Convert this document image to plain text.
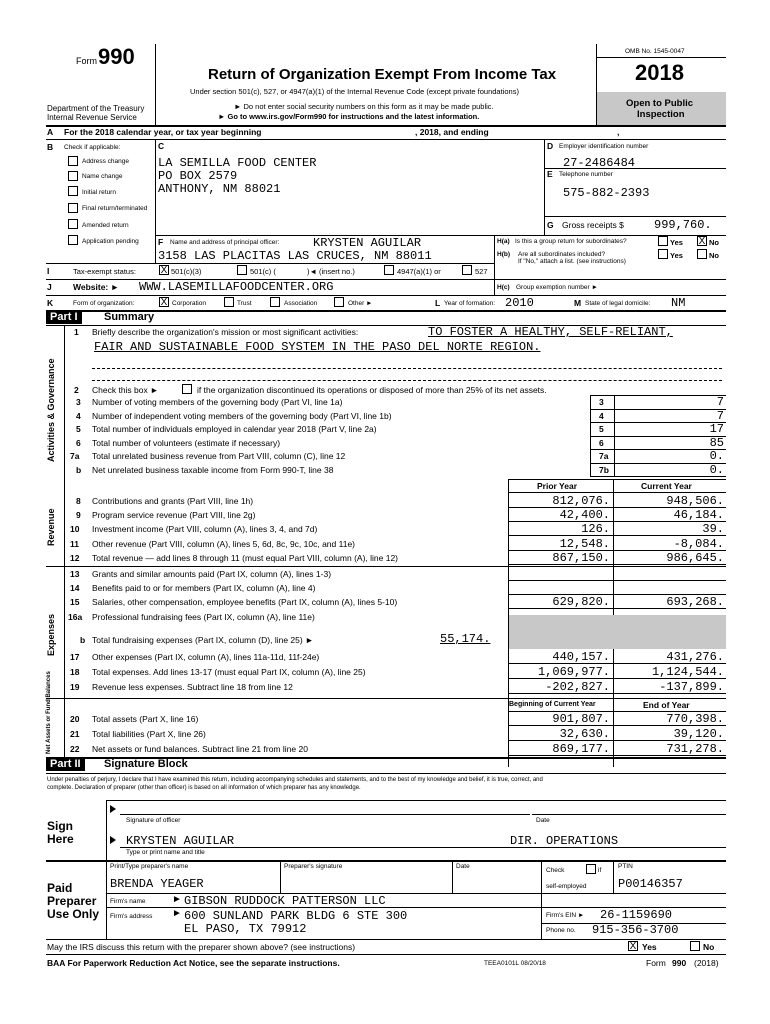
Form 990
Department of the Treasury
Internal Revenue Service
Return of Organization Exempt From Income Tax
Under section 501(c), 527, or 4947(a)(1) of the Internal Revenue Code (except private foundations)
► Do not enter social security numbers on this form as it may be made public.
► Go to www.irs.gov/Form990 for instructions and the latest information.
OMB No. 1545-0047
2018
Open to Public
Inspection
A For the 2018 calendar year, or tax year beginning	, 2018, and ending	,
B Check if applicable:
Address change
Name change
Initial return
Final return/terminated
Amended return
Application pending
C
LA SEMILLA FOOD CENTER
PO BOX 2579
ANTHONY, NM 88021
D Employer identification number
27-2486484
E Telephone number
575-882-2393
G Gross receipts $	999,760.
F Name and address of principal officer:	KRYSTEN AGUILAR
3158 LAS PLACITAS LAS CRUCES, NM 88011
H(a) Is this a group return for subordinates?	Yes X No
H(b) Are all subordinates included?
If "No," attach a list. (see instructions)
Yes	No
I	Tax-exempt status: X 501(c)(3)	501(c) (	)◄ (insert no.)	4947(a)(1) or	527
J	Website: ► WWW.LASEMILLAFOODCENTER.ORG	H(c) Group exemption number ►
K	Form of organization:	X Corporation	Trust	Association	Other ►	L Year of formation: 2010	M State of legal domicile: NM
Part I	Summary
Activities & Governance
Revenue
Expenses
Net Assets or Fund Balances
1 Briefly describe the organization's mission or most significant activities:	TO FOSTER A HEALTHY, SELF-RELIANT,
FAIR AND SUSTAINABLE FOOD SYSTEM IN THE PASO DEL NORTE REGION.
2 Check this box ►	if the organization discontinued its operations or disposed of more than 25% of its net assets.
3 Number of voting members of the governing body (Part VI, line 1a)	3	7
4 Number of independent voting members of the governing body (Part VI, line 1b)	4	7
5 Total number of individuals employed in calendar year 2018 (Part V, line 2a)	5	17
6 Total number of volunteers (estimate if necessary)	6	85
7a Total unrelated business revenue from Part VIII, column (C), line 12	7a	0.
b Net unrelated business taxable income from Form 990-T, line 38	7b	0.
Prior Year	Current Year
8 Contributions and grants (Part VIII, line 1h)	812,076.	948,506.
9 Program service revenue (Part VIII, line 2g)	42,400.	46,184.
10 Investment income (Part VIII, column (A), lines 3, 4, and 7d)	126.	39.
11 Other revenue (Part VIII, column (A), lines 5, 6d, 8c, 9c, 10c, and 11e)	12,548.	-8,084.
12 Total revenue — add lines 8 through 11 (must equal Part VIII, column (A), line 12)	867,150.	986,645.
13 Grants and similar amounts paid (Part IX, column (A), lines 1-3)
14 Benefits paid to or for members (Part IX, column (A), line 4)
15 Salaries, other compensation, employee benefits (Part IX, column (A), lines 5-10)	629,820.	693,268.
16a Professional fundraising fees (Part IX, column (A), line 11e)
b Total fundraising expenses (Part IX, column (D), line 25) ►	55,174.
17 Other expenses (Part IX, column (A), lines 11a-11d, 11f-24e)	440,157.	431,276.
18 Total expenses. Add lines 13-17 (must equal Part IX, column (A), line 25)	1,069,977.	1,124,544.
19 Revenue less expenses. Subtract line 18 from line 12	-202,827.	-137,899.
Beginning of Current Year	End of Year
20 Total assets (Part X, line 16)	901,807.	770,398.
21 Total liabilities (Part X, line 26)	32,630.	39,120.
22 Net assets or fund balances. Subtract line 21 from line 20	869,177.	731,278.
Part II	Signature Block
Under penalties of perjury, I declare that I have examined this return, including accompanying schedules and statements, and to the best of my knowledge and belief, it is true, correct, and
complete. Declaration of preparer (other than officer) is based on all information of which preparer has any knowledge.
Sign
Here
Signature of officer	Date
KRYSTEN AGUILAR	DIR. OPERATIONS
Type or print name and title
Paid
Preparer
Use Only
Print/Type preparer's name	Preparer's signature	Date
Check	if
self-employed
PTIN
BRENDA YEAGER	P00146357
Firm's name	► GIBSON RUDDOCK PATTERSON LLC
Firm's address ► 600 SUNLAND PARK BLDG 6 STE 300
EL PASO, TX 79912
Firm's EIN ► 26-1159690
Phone no. 915-356-3700
May the IRS discuss this return with the preparer shown above? (see instructions)	X Yes	No
BAA For Paperwork Reduction Act Notice, see the separate instructions.	TEEA0101L 08/20/18	Form 990 (2018)
